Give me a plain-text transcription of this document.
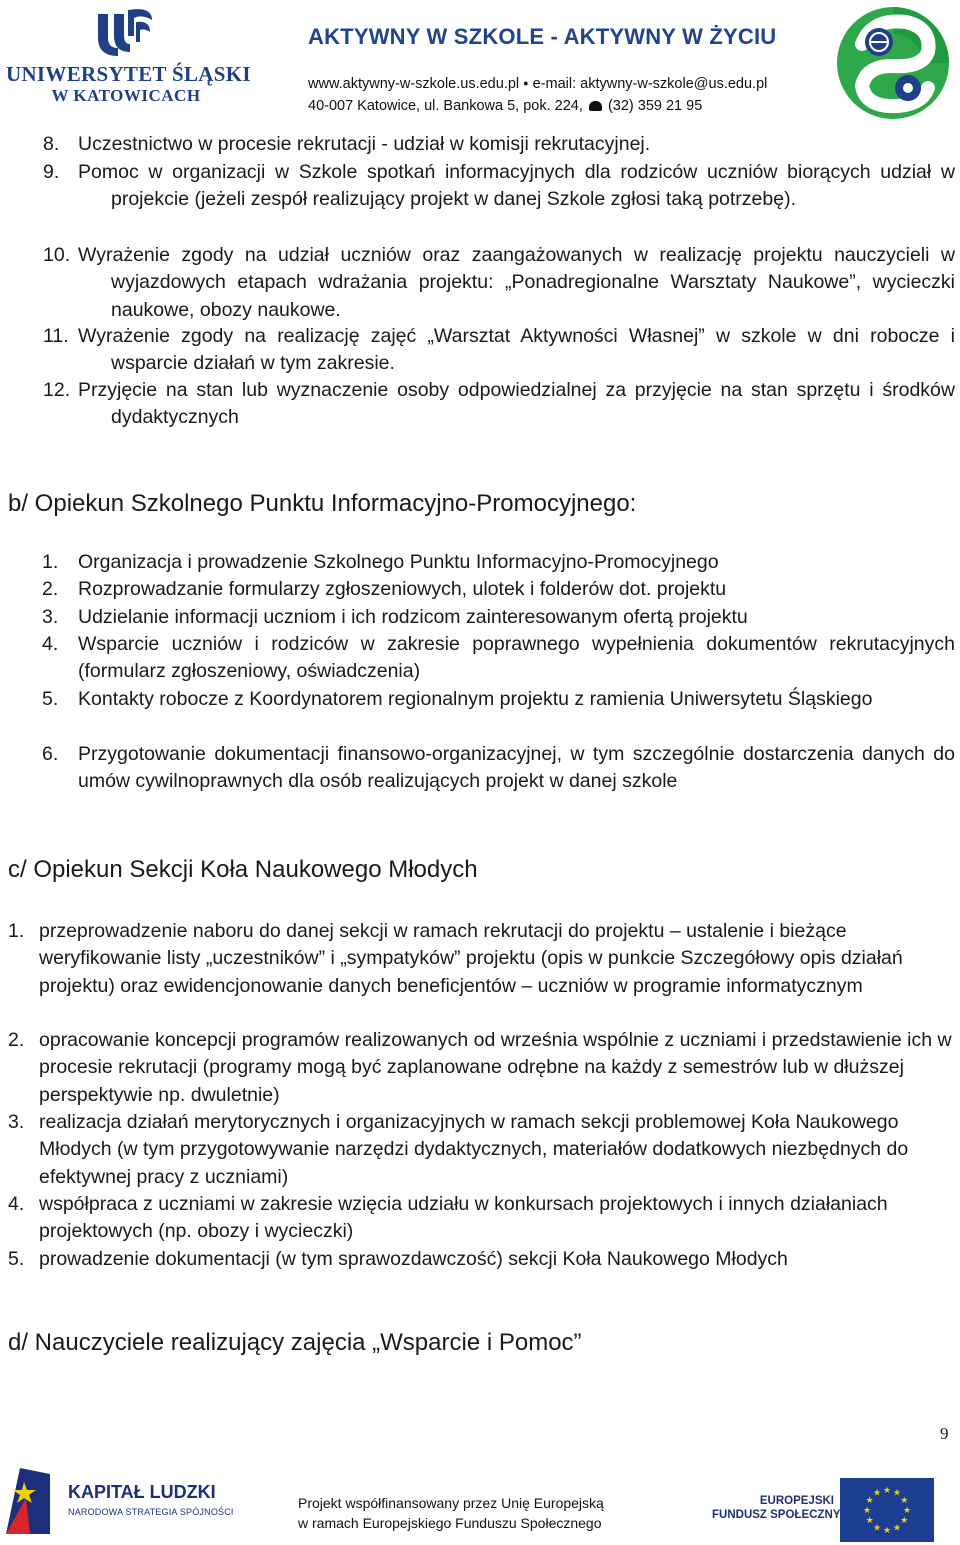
UNIWERSYTET ŚLĄSKI
W KATOWICACH
AKTYWNY W SZKOLE - AKTYWNY W ŻYCIU
www.aktywny-w-szkole.us.edu.pl ● e-mail: aktywny-w-szkole@us.edu.pl
40-007 Katowice, ul. Bankowa 5, pok. 224, (32) 359 21 95
8. Uczestnictwo w procesie rekrutacji - udział w komisji rekrutacyjnej.
9. Pomoc w organizacji w Szkole spotkań informacyjnych dla rodziców uczniów biorących udział w projekcie (jeżeli zespół realizujący projekt w danej Szkole zgłosi taką potrzebę).
10. Wyrażenie zgody na udział uczniów oraz zaangażowanych w realizację projektu nauczycieli w wyjazdowych etapach wdrażania projektu: „Ponadregionalne Warsztaty Naukowe”, wycieczki naukowe, obozy naukowe.
11. Wyrażenie zgody na realizację zajęć „Warsztat Aktywności Własnej” w szkole w dni robocze i wsparcie działań w tym zakresie.
12. Przyjęcie na stan lub wyznaczenie osoby odpowiedzialnej za przyjęcie na stan sprzętu i środków dydaktycznych
b/ Opiekun Szkolnego Punktu Informacyjno-Promocyjnego:
1.	Organizacja i prowadzenie Szkolnego Punktu Informacyjno-Promocyjnego
2.	Rozprowadzanie formularzy zgłoszeniowych, ulotek i folderów dot. projektu
3.	Udzielanie informacji uczniom i ich rodzicom zainteresowanym ofertą projektu
4.	Wsparcie uczniów i rodziców w zakresie poprawnego wypełnienia dokumentów rekrutacyjnych (formularz zgłoszeniowy, oświadczenia)
5.	Kontakty robocze z Koordynatorem regionalnym projektu z ramienia Uniwersytetu Śląskiego
6.	Przygotowanie dokumentacji finansowo-organizacyjnej, w tym szczególnie dostarczenia danych do umów cywilnoprawnych dla osób realizujących projekt w danej szkole
c/ Opiekun Sekcji Koła Naukowego Młodych
1. przeprowadzenie naboru do danej sekcji w ramach rekrutacji do projektu – ustalenie i bieżące weryfikowanie listy „uczestników” i „sympatyków” projektu (opis w punkcie Szczegółowy opis działań projektu) oraz ewidencjonowanie danych beneficjentów – uczniów w programie informatycznym
2. opracowanie koncepcji programów realizowanych od września wspólnie z uczniami i przedstawienie ich w procesie rekrutacji (programy mogą być zaplanowane odrębne na każdy z semestrów lub w dłuższej perspektywie np. dwuletnie)
3. realizacja działań merytorycznych i organizacyjnych w ramach sekcji problemowej Koła Naukowego Młodych (w tym przygotowywanie narzędzi dydaktycznych, materiałów dodatkowych niezbędnych do efektywnej pracy z uczniami)
4. współpraca z uczniami w zakresie wzięcia udziału w konkursach projektowych i innych działaniach projektowych (np. obozy i wycieczki)
5. prowadzenie dokumentacji (w tym sprawozdawczość) sekcji Koła Naukowego Młodych
d/ Nauczyciele realizujący zajęcia „Wsparcie i Pomoc”
9
KAPITAŁ LUDZKI
NARODOWA STRATEGIA SPÓJNOŚCI
Projekt współfinansowany przez Unię Europejską
w ramach Europejskiego Funduszu Społecznego
EUROPEJSKI
FUNDUSZ SPOŁECZNY
★ ★
★
★
★
★
★
★
★
★
★
★
